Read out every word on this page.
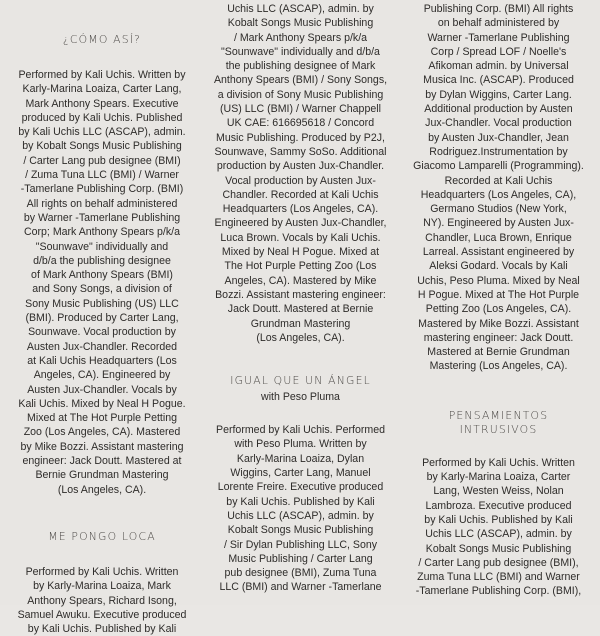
¿CÓMO ASÍ?

Performed by Kali Uchis. Written by
Karly-Marina Loaiza, Carter Lang,
Mark Anthony Spears. Executive
produced by Kali Uchis. Published
by Kali Uchis LLC (ASCAP), admin.
by Kobalt Songs Music Publishing
/ Carter Lang pub designee (BMI)
/ Zuma Tuna LLC (BMI) / Warner
-Tamerlane Publishing Corp. (BMI)
All rights on behalf administered
by Warner -Tamerlane Publishing
Corp; Mark Anthony Spears p/k/a
"Sounwave" individually and
d/b/a the publishing designee
of Mark Anthony Spears (BMI)
and Sony Songs, a division of
Sony Music Publishing (US) LLC
(BMI). Produced by Carter Lang,
Sounwave. Vocal production by
Austen Jux-Chandler. Recorded
at Kali Uchis Headquarters (Los
Angeles, CA). Engineered by
Austen Jux-Chandler. Vocals by
Kali Uchis. Mixed by Neal H Pogue.
Mixed at The Hot Purple Petting
Zoo (Los Angeles, CA). Mastered
by Mike Bozzi. Assistant mastering
engineer: Jack Doutt. Mastered at
Bernie Grundman Mastering
(Los Angeles, CA).

ME PONGO LOCA

Performed by Kali Uchis. Written
by Karly-Marina Loaiza, Mark
Anthony Spears, Richard Isong,
Samuel Awuku. Executive produced
by Kali Uchis. Published by Kali

Uchis LLC (ASCAP), admin. by
Kobalt Songs Music Publishing
/ Mark Anthony Spears p/k/a
"Sounwave" individually and d/b/a
the publishing designee of Mark
Anthony Spears (BMI) / Sony Songs,
a division of Sony Music Publishing
(US) LLC (BMI) / Warner Chappell
UK CAE: 616695618 / Concord
Music Publishing. Produced by P2J,
Sounwave, Sammy SoSo. Additional
production by Austen Jux-Chandler.
Vocal production by Austen Jux-
Chandler. Recorded at Kali Uchis
Headquarters (Los Angeles, CA).
Engineered by Austen Jux-Chandler,
Luca Brown. Vocals by Kali Uchis.
Mixed by Neal H Pogue. Mixed at
The Hot Purple Petting Zoo (Los
Angeles, CA). Mastered by Mike
Bozzi. Assistant mastering engineer:
Jack Doutt. Mastered at Bernie
Grundman Mastering
(Los Angeles, CA).

IGUAL QUE UN ÁNGEL
with Peso Pluma

Performed by Kali Uchis. Performed
with Peso Pluma. Written by
Karly-Marina Loaiza, Dylan
Wiggins, Carter Lang, Manuel
Lorente Freire. Executive produced
by Kali Uchis. Published by Kali
Uchis LLC (ASCAP), admin. by
Kobalt Songs Music Publishing
/ Sir Dylan Publishing LLC, Sony
Music Publishing / Carter Lang
pub designee (BMI), Zuma Tuna
LLC (BMI) and Warner -Tamerlane

Publishing Corp. (BMI) All rights
on behalf administered by
Warner -Tamerlane Publishing
Corp / Spread LOF / Noelle's
Afikoman admin. by Universal
Musica Inc. (ASCAP). Produced
by Dylan Wiggins, Carter Lang.
Additional production by Austen
Jux-Chandler. Vocal production
by Austen Jux-Chandler, Jean
Rodriguez.Instrumentation by
Giacomo Lamparelli (Programming).
Recorded at Kali Uchis
Headquarters (Los Angeles, CA),
Germano Studios (New York,
NY). Engineered by Austen Jux-
Chandler, Luca Brown, Enrique
Larreal. Assistant engineered by
Aleksi Godard. Vocals by Kali
Uchis, Peso Pluma. Mixed by Neal
H Pogue. Mixed at The Hot Purple
Petting Zoo (Los Angeles, CA).
Mastered by Mike Bozzi. Assistant
mastering engineer: Jack Doutt.
Mastered at Bernie Grundman
Mastering (Los Angeles, CA).

PENSAMIENTOS
INTRUSIVOS

Performed by Kali Uchis. Written
by Karly-Marina Loaiza, Carter
Lang, Westen Weiss, Nolan
Lambroza. Executive produced
by Kali Uchis. Published by Kali
Uchis LLC (ASCAP), admin. by
Kobalt Songs Music Publishing
/ Carter Lang pub designee (BMI),
Zuma Tuna LLC (BMI) and Warner
-Tamerlane Publishing Corp. (BMI),
